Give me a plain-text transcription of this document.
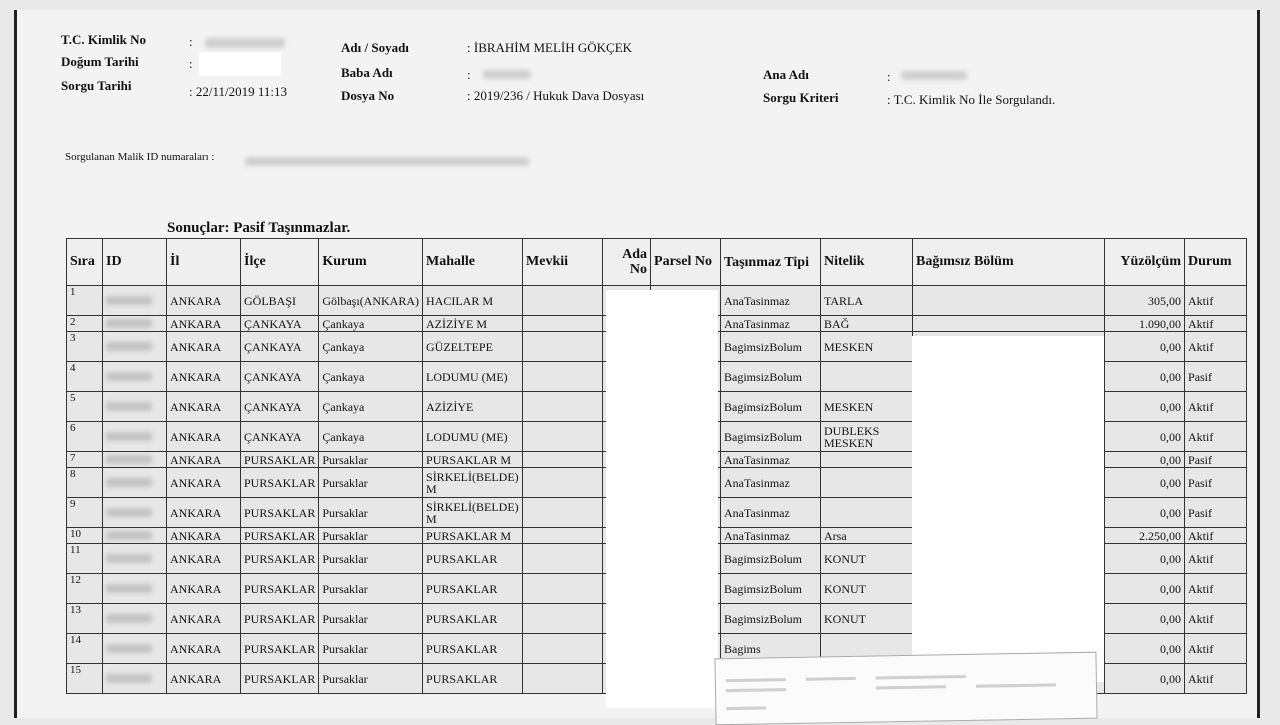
T.C. Kimlik No	:
Doğum Tarihi	:
Sorgu Tarihi	: 22/11/2019 11:13
Adı / Soyadı	: İBRAHİM MELİH GÖKÇEK
Baba Adı	:
Dosya No	: 2019/236 / Hukuk Dava Dosyası
Ana Adı	:
Sorgu Kriteri	: T.C. Kimlik No İle Sorgulandı.
Sorgulanan Malik ID numaraları :
Sonuçlar: Pasif Taşınmazlar.
Sıra	ID	İl	İlçe	Kurum	Mahalle	Mevkii	Ada No	Parsel No	Taşınmaz Tipi	Nitelik	Bağımsız Bölüm	Yüzölçüm	Durum
1		ANKARA	GÖLBAŞI	Gölbaşı(ANKARA)	HACILAR M				AnaTasinmaz	TARLA		305,00	Aktif
2		ANKARA	ÇANKAYA	Çankaya	AZİZİYE M				AnaTasinmaz	BAĞ		1.090,00	Aktif
3		ANKARA	ÇANKAYA	Çankaya	GÜZELTEPE				BagimsizBolum	MESKEN		0,00	Aktif
4		ANKARA	ÇANKAYA	Çankaya	LODUMU (ME)				BagimsizBolum			0,00	Pasif
5		ANKARA	ÇANKAYA	Çankaya	AZİZİYE				BagimsizBolum	MESKEN		0,00	Aktif
6		ANKARA	ÇANKAYA	Çankaya	LODUMU (ME)				BagimsizBolum	DUBLEKS MESKEN		0,00	Aktif
7		ANKARA	PURSAKLAR	Pursaklar	PURSAKLAR M				AnaTasinmaz			0,00	Pasif
8		ANKARA	PURSAKLAR	Pursaklar	SİRKELİ(BELDE) M				AnaTasinmaz			0,00	Pasif
9		ANKARA	PURSAKLAR	Pursaklar	SİRKELİ(BELDE) M				AnaTasinmaz			0,00	Pasif
10		ANKARA	PURSAKLAR	Pursaklar	PURSAKLAR M				AnaTasinmaz	Arsa		2.250,00	Aktif
11		ANKARA	PURSAKLAR	Pursaklar	PURSAKLAR				BagimsizBolum	KONUT		0,00	Aktif
12		ANKARA	PURSAKLAR	Pursaklar	PURSAKLAR				BagimsizBolum	KONUT		0,00	Aktif
13		ANKARA	PURSAKLAR	Pursaklar	PURSAKLAR				BagimsizBolum	KONUT		0,00	Aktif
14		ANKARA	PURSAKLAR	Pursaklar	PURSAKLAR				Bagims			0,00	Aktif
15		ANKARA	PURSAKLAR	Pursaklar	PURSAKLAR							0,00	Aktif
